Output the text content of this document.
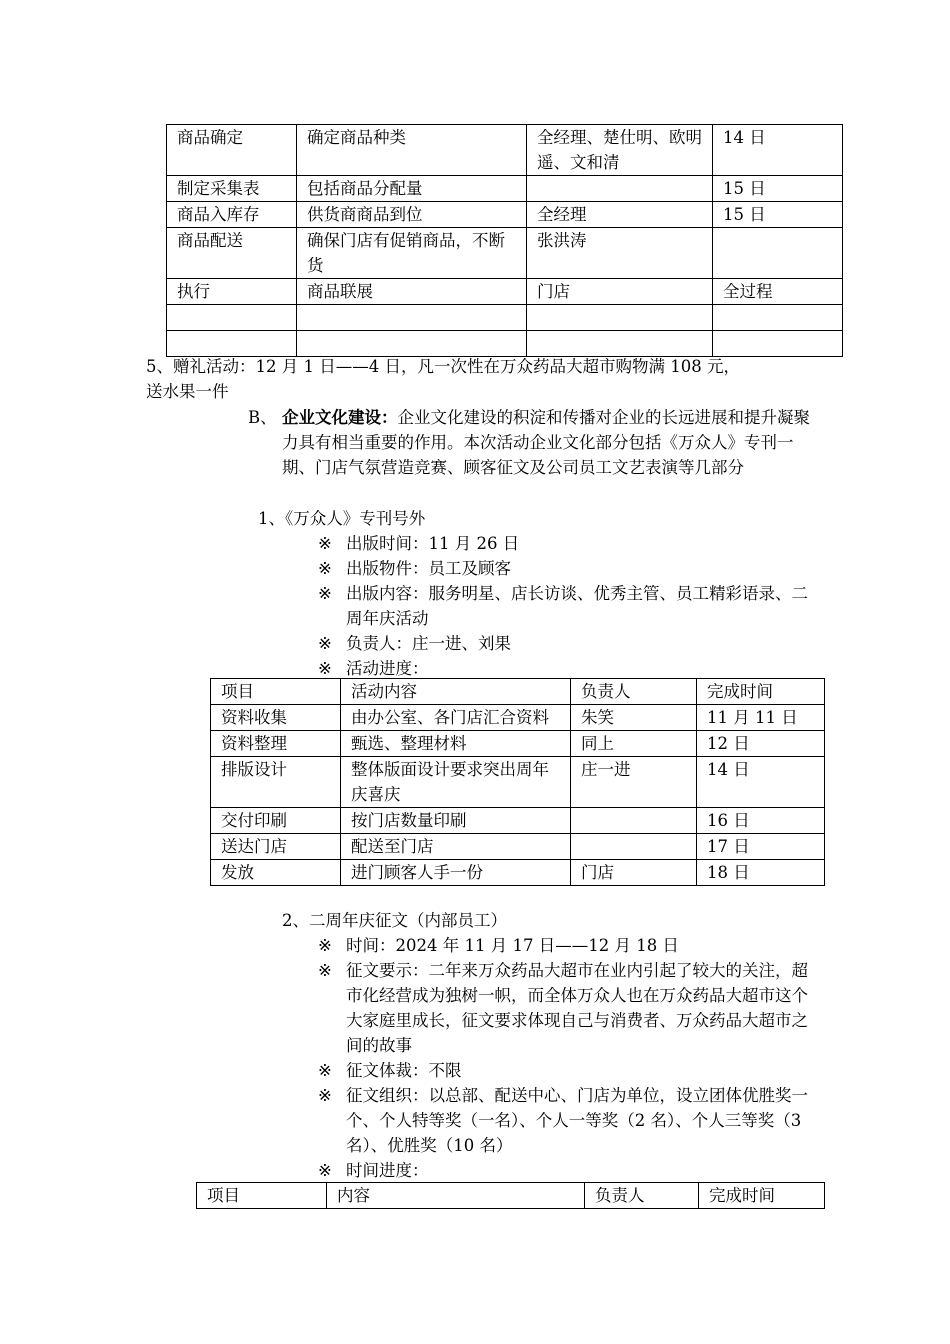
商品确定	确定商品种类	全经理、楚仕明、欧明遥、文和清	14 日
制定采集表	包括商品分配量		15 日
商品入库存	供货商商品到位	全经理	15 日
商品配送	确保门店有促销商品，不断货	张洪涛	
执行	商品联展	门店	全过程

5、赠礼活动：12 月 1 日——4 日，凡一次性在万众药品大超市购物满 108 元，
送水果一件
B、 企业文化建设：企业文化建设的积淀和传播对企业的长远进展和提升凝聚力具有相当重要的作用。本次活动企业文化部分包括《万众人》专刊一期、门店气氛营造竞赛、顾客征文及公司员工文艺表演等几部分
1、《万众人》专刊号外
※ 出版时间：11 月 26 日
※ 出版物件：员工及顾客
※ 出版内容：服务明星、店长访谈、优秀主管、员工精彩语录、二周年庆活动
※ 负责人：庄一进、刘果
※ 活动进度：
项目	活动内容	负责人	完成时间
资料收集	由办公室、各门店汇合资料	朱笑	11 月 11 日
资料整理	甄选、整理材料	同上	12 日
排版设计	整体版面设计要求突出周年庆喜庆	庄一进	14 日
交付印刷	按门店数量印刷		16 日
送达门店	配送至门店		17 日
发放	进门顾客人手一份	门店	18 日
2、二周年庆征文（内部员工）
※ 时间：2024 年 11 月 17 日——12 月 18 日
※ 征文要示：二年来万众药品大超市在业内引起了较大的关注，超市化经营成为独树一帜，而全体万众人也在万众药品大超市这个大家庭里成长，征文要求体现自己与消费者、万众药品大超市之间的故事
※ 征文体裁：不限
※ 征文组织：以总部、配送中心、门店为单位，设立团体优胜奖一个、个人特等奖（一名）、个人一等奖（2 名）、个人三等奖（3 名）、优胜奖（10 名）
※ 时间进度：
项目	内容	负责人	完成时间
